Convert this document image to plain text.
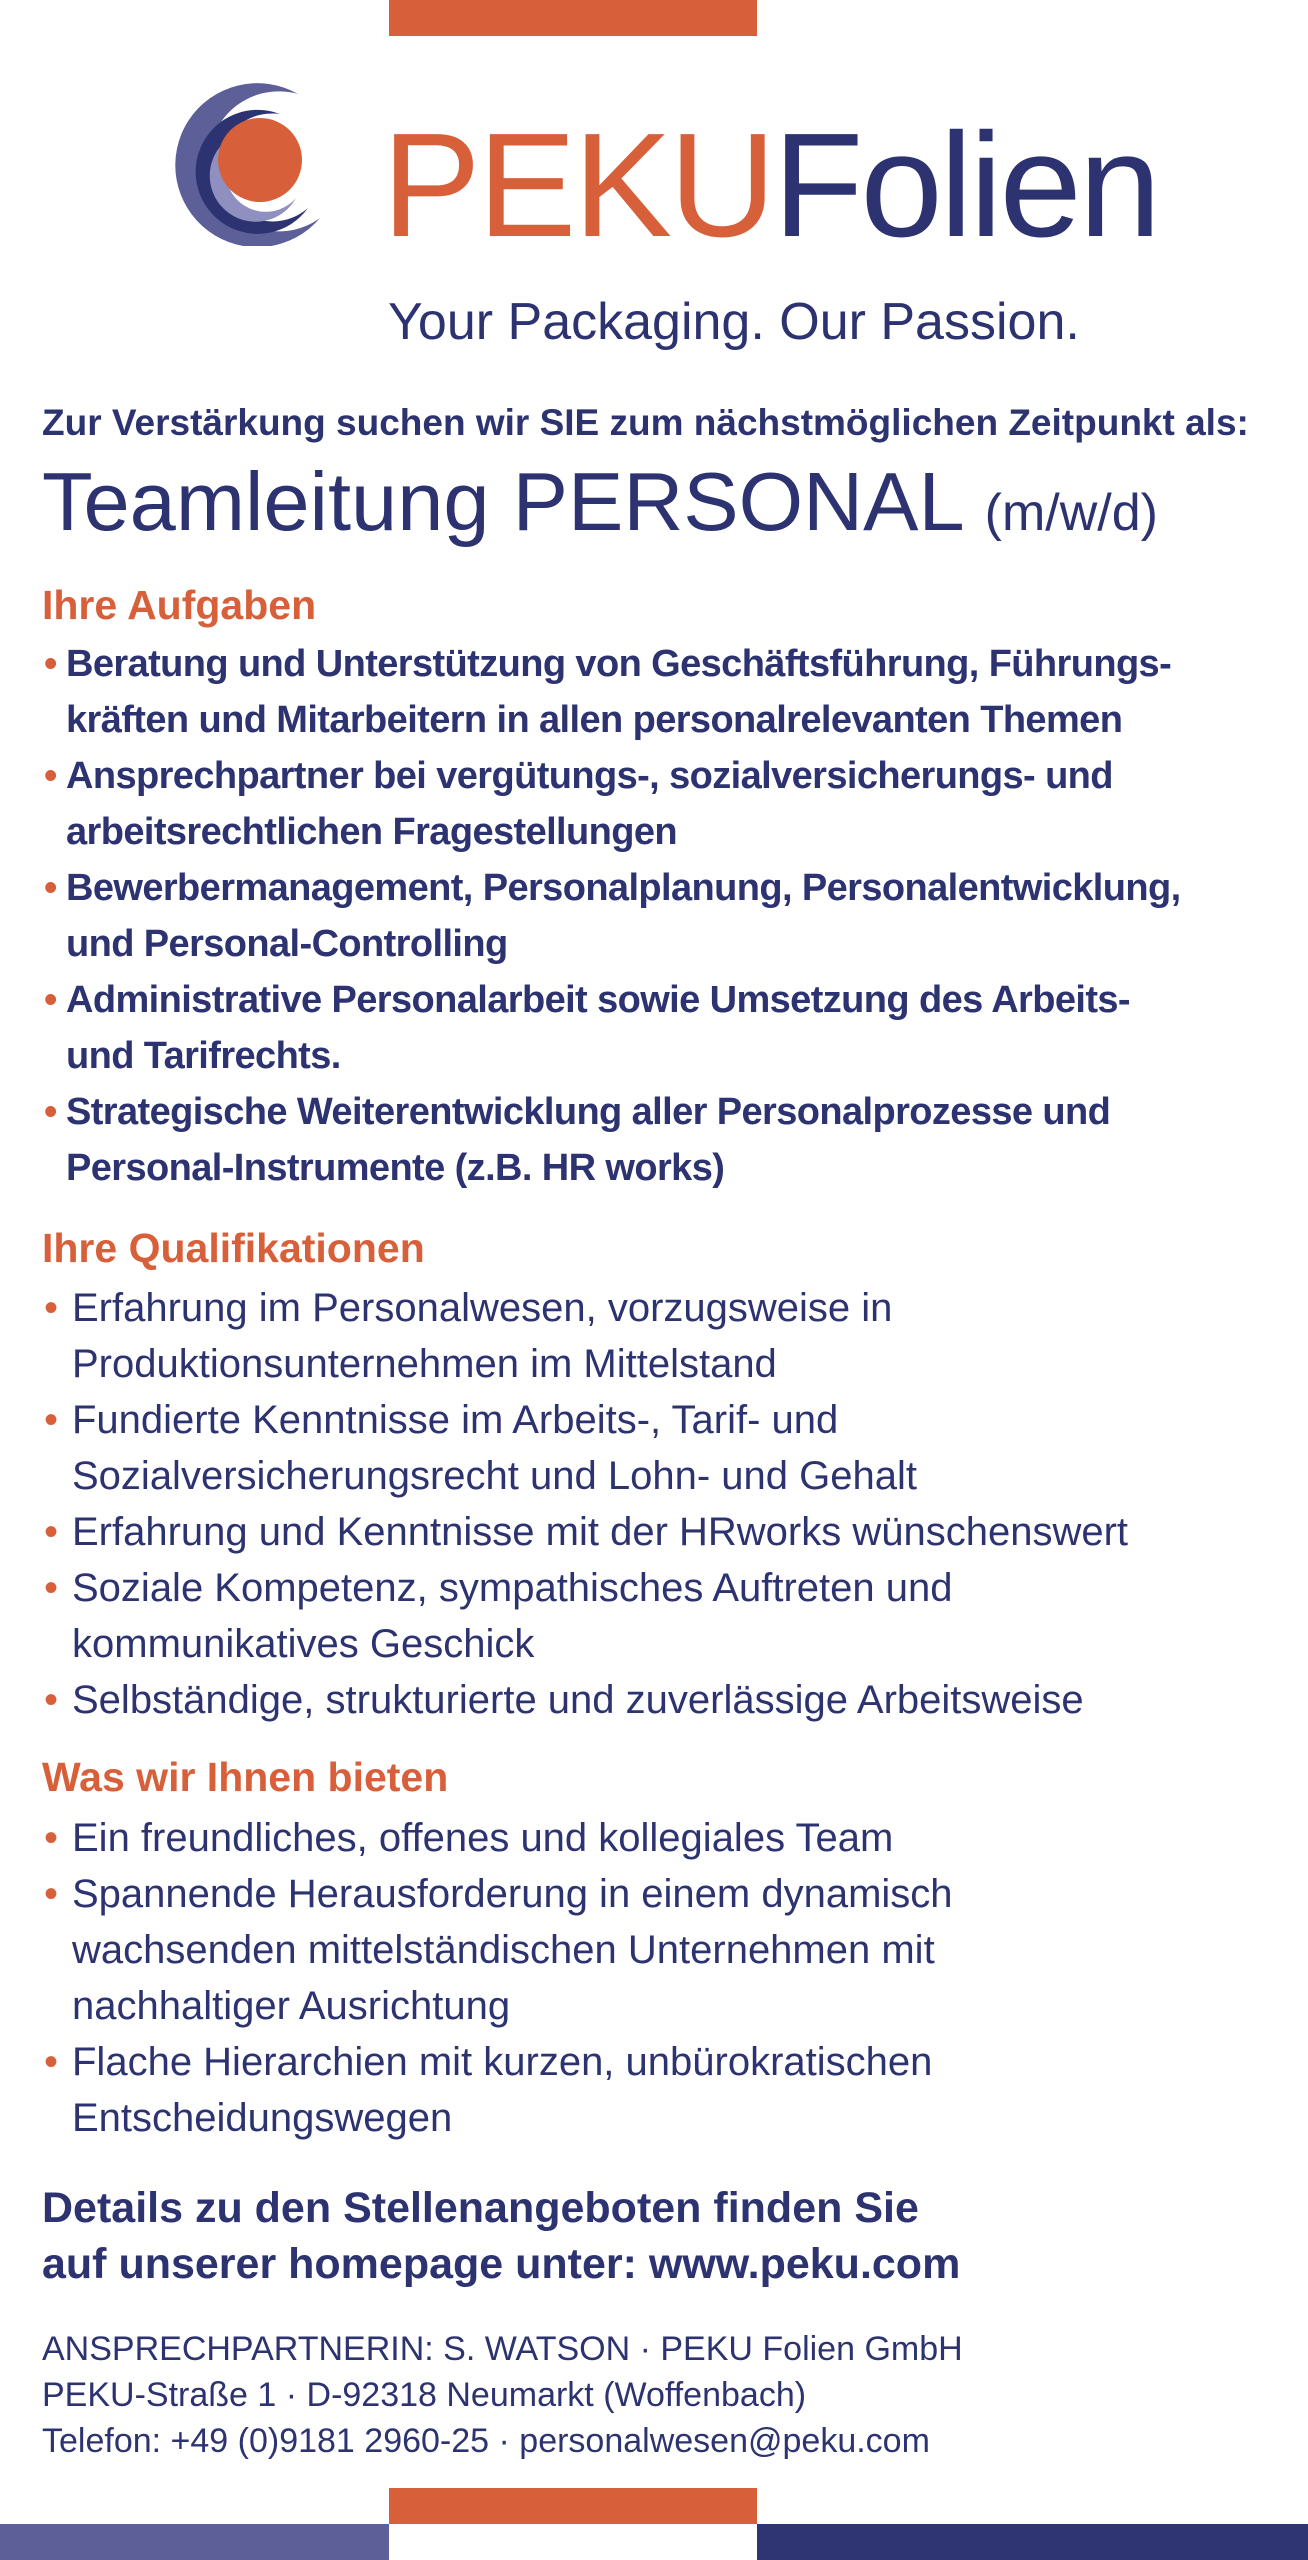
PEKUFolien
Your Packaging. Our Passion.
Zur Verstärkung suchen wir SIE zum nächstmöglichen Zeitpunkt als:
Teamleitung PERSONAL (m/w/d)
Ihre Aufgaben
• Beratung und Unterstützung von Geschäftsführung, Führungs-
kräften und Mitarbeitern in allen personalrelevanten Themen
• Ansprechpartner bei vergütungs-, sozialversicherungs- und
arbeitsrechtlichen Fragestellungen
• Bewerbermanagement, Personalplanung, Personalentwicklung,
und Personal-Controlling
• Administrative Personalarbeit sowie Umsetzung des Arbeits-
und Tarifrechts.
• Strategische Weiterentwicklung aller Personalprozesse und
Personal-Instrumente (z.B. HR works)
Ihre Qualifikationen
• Erfahrung im Personalwesen, vorzugsweise in
Produktionsunternehmen im Mittelstand
• Fundierte Kenntnisse im Arbeits-, Tarif- und
Sozialversicherungsrecht und Lohn- und Gehalt
• Erfahrung und Kenntnisse mit der HRworks wünschenswert
• Soziale Kompetenz, sympathisches Auftreten und
kommunikatives Geschick
• Selbständige, strukturierte und zuverlässige Arbeitsweise
Was wir Ihnen bieten
• Ein freundliches, offenes und kollegiales Team
• Spannende Herausforderung in einem dynamisch
wachsenden mittelständischen Unternehmen mit
nachhaltiger Ausrichtung
• Flache Hierarchien mit kurzen, unbürokratischen
Entscheidungswegen
Details zu den Stellenangeboten finden Sie
auf unserer homepage unter: www.peku.com
ANSPRECHPARTNERIN: S. WATSON · PEKU Folien GmbH
PEKU-Straße 1 · D-92318 Neumarkt (Woffenbach)
Telefon: +49 (0)9181 2960-25 · personalwesen@peku.com
